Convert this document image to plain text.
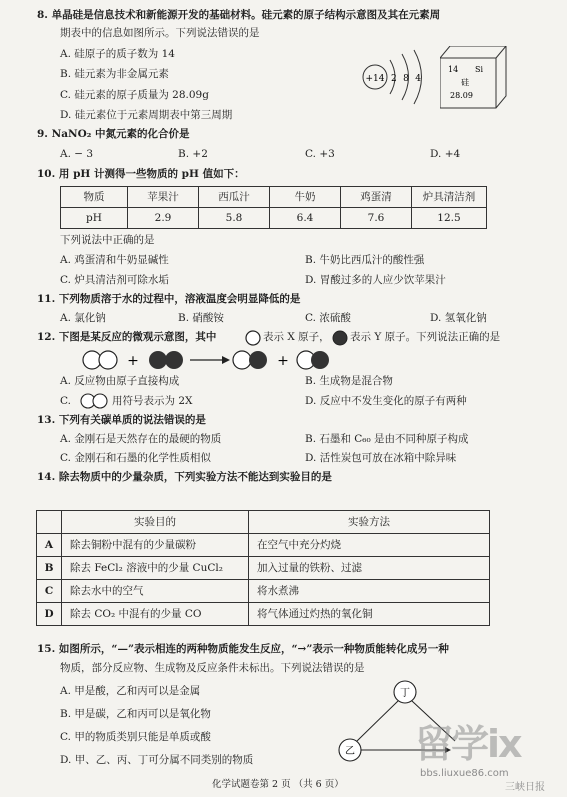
8. 单晶硅是信息技术和新能源开发的基础材料。硅元素的原子结构示意图及其在元素周
期表中的信息如图所示。下列说法错误的是
A. 硅原子的质子数为 14
B. 硅元素为非金属元素
C. 硅元素的原子质量为 28.09g
D. 硅元素位于元素周期表中第三周期
+14 2 8 4
14 Si
硅
28.09
9. NaNO₂ 中氮元素的化合价是
A. − 3	B. +2	C. +3	D. +4
10. 用 pH 计测得一些物质的 pH 值如下：
物质	苹果汁	西瓜汁	牛奶	鸡蛋清	炉具清洁剂
pH	2.9	5.8	6.4	7.6	12.5
下列说法中正确的是
A. 鸡蛋清和牛奶显碱性	B. 牛奶比西瓜汁的酸性强
C. 炉具清洁剂可除水垢	D. 胃酸过多的人应少饮苹果汁
11. 下列物质溶于水的过程中，溶液温度会明显降低的是
A. 氯化钠	B. 硝酸铵	C. 浓硫酸	D. 氢氧化钠
12. 下图是某反应的微观示意图，其中	表示 X 原子， 表示 Y 原子。下列说法正确的是
+	+
A. 反应物由原子直接构成	B. 生成物是混合物
C.	用符号表示为 2X	D. 反应中不发生变化的原子有两种
13. 下列有关碳单质的说法错误的是
A. 金刚石是天然存在的最硬的物质	B. 石墨和 C₆₀ 是由不同种原子构成
C. 金刚石和石墨的化学性质相似	D. 活性炭包可放在冰箱中除异味
14. 除去物质中的少量杂质，下列实验方法不能达到实验目的是
	实验目的	实验方法
A	除去铜粉中混有的少量碳粉	在空气中充分灼烧
B	除去 FeCl₂ 溶液中的少量 CuCl₂	加入过量的铁粉、过滤
C	除去水中的空气	将水煮沸
D	除去 CO₂ 中混有的少量 CO	将气体通过灼热的氧化铜
15. 如图所示，“—”表示相连的两种物质能发生反应，“→”表示一种物质能转化成另一种
物质，部分反应物、生成物及反应条件未标出。下列说法错误的是
A. 甲是酸，乙和丙可以是金属
B. 甲是碳，乙和丙可以是氧化物
C. 甲的物质类别只能是单质或酸
D. 甲、乙、丙、丁可分属不同类别的物质
丁
乙 留学ix
bbs.liuxue86.com
三峡日报
化学试题卷第 2 页 （共 6 页）
